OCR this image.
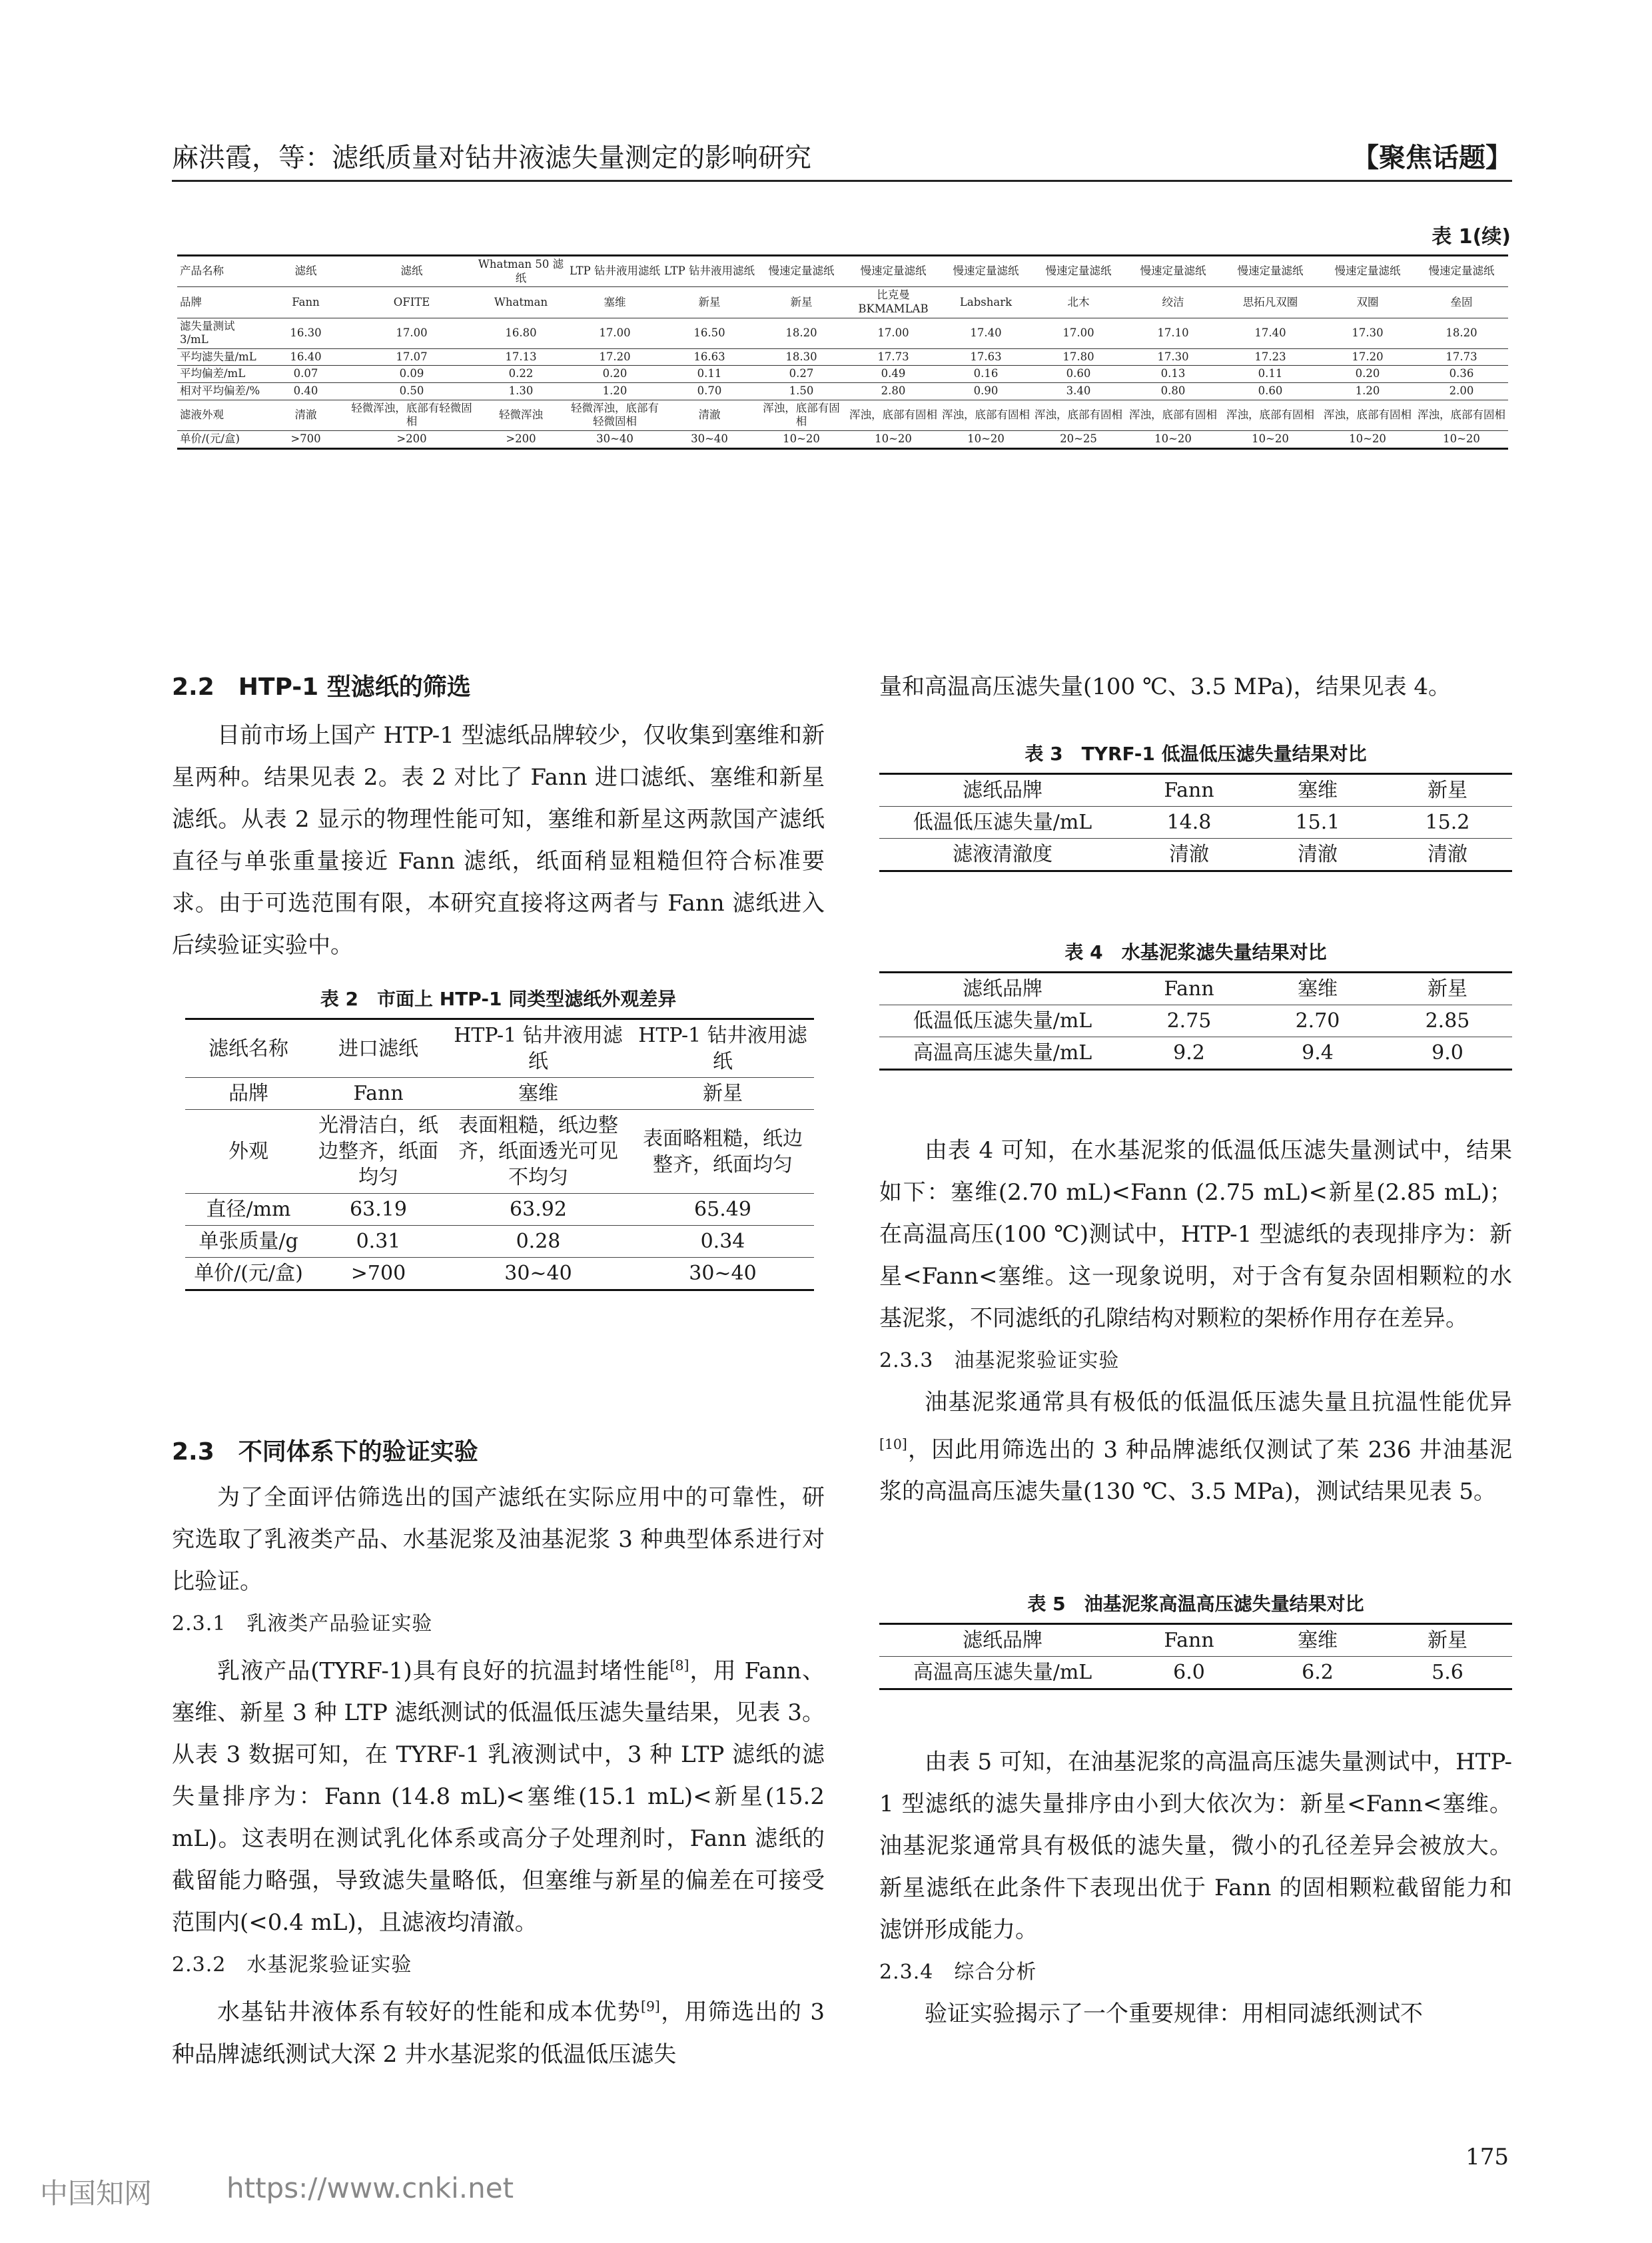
麻洪霞，等：滤纸质量对钻井液滤失量测定的影响研究	【聚焦话题】
表 1(续)
产品名称	滤纸	滤纸	Whatman 50 滤纸	LTP 钻井液用滤纸	LTP 钻井液用滤纸	慢速定量滤纸	慢速定量滤纸	慢速定量滤纸	慢速定量滤纸	慢速定量滤纸	慢速定量滤纸	慢速定量滤纸	慢速定量滤纸
品牌	Fann	OFITE	Whatman	塞维	新星	新星	比克曼 BKMAMLAB	Labshark	北木	绞洁	思拓凡双圈	双圈	垒固
滤失量测试3/mL	16.30	17.00	16.80	17.00	16.50	18.20	17.00	17.40	17.00	17.10	17.40	17.30	18.20
平均滤失量/mL	16.40	17.07	17.13	17.20	16.63	18.30	17.73	17.63	17.80	17.30	17.23	17.20	17.73
平均偏差/mL	0.07	0.09	0.22	0.20	0.11	0.27	0.49	0.16	0.60	0.13	0.11	0.20	0.36
相对平均偏差/%	0.40	0.50	1.30	1.20	0.70	1.50	2.80	0.90	3.40	0.80	0.60	1.20	2.00
滤液外观	清澈	轻微浑浊，底部有轻微固相	轻微浑浊	轻微浑浊，底部有轻微固相	清澈	浑浊，底部有固相	浑浊，底部有固相	浑浊，底部有固相	浑浊，底部有固相	浑浊，底部有固相	浑浊，底部有固相	浑浊，底部有固相	浑浊，底部有固相
单价/(元/盒)	>700	>200	>200	30~40	30~40	10~20	10~20	10~20	20~25	10~20	10~20	10~20	10~20
2.2　HTP-1 型滤纸的筛选

目前市场上国产 HTP-1 型滤纸品牌较少，仅收集到塞维和新星两种。结果见表 2。表 2 对比了 Fann 进口滤纸、塞维和新星滤纸。从表 2 显示的物理性能可知，塞维和新星这两款国产滤纸直径与单张重量接近 Fann 滤纸，纸面稍显粗糙但符合标准要求。由于可选范围有限，本研究直接将这两者与 Fann 滤纸进入后续验证实验中。

表 2　市面上 HTP-1 同类型滤纸外观差异
滤纸名称	进口滤纸	HTP-1 钻井液用滤纸	HTP-1 钻井液用滤纸
品牌	Fann	塞维	新星
外观	光滑洁白，纸边整齐，纸面均匀	表面粗糙，纸边整齐，纸面透光可见不均匀	表面略粗糙，纸边整齐，纸面均匀
直径/mm	63.19	63.92	65.49
单张质量/g	0.31	0.28	0.34
单价/(元/盒)	>700	30~40	30~40
2.3　不同体系下的验证实验

为了全面评估筛选出的国产滤纸在实际应用中的可靠性，研究选取了乳液类产品、水基泥浆及油基泥浆 3 种典型体系进行对比验证。

2.3.1　乳液类产品验证实验

乳液产品(TYRF-1)具有良好的抗温封堵性能[8]，用 Fann、塞维、新星 3 种 LTP 滤纸测试的低温低压滤失量结果，见表 3。从表 3 数据可知，在 TYRF-1 乳液测试中，3 种 LTP 滤纸的滤失量排序为：Fann (14.8 mL)<塞维(15.1 mL)<新星(15.2 mL)。这表明在测试乳化体系或高分子处理剂时，Fann 滤纸的截留能力略强，导致滤失量略低，但塞维与新星的偏差在可接受范围内(<0.4 mL)，且滤液均清澈。

2.3.2　水基泥浆验证实验

水基钻井液体系有较好的性能和成本优势[9]，用筛选出的 3 种品牌滤纸测试大深 2 井水基泥浆的低温低压滤失

量和高温高压滤失量(100 ℃、3.5 MPa)，结果见表 4。
表 3　TYRF-1 低温低压滤失量结果对比
滤纸品牌	Fann	塞维	新星
低温低压滤失量/mL	14.8	15.1	15.2
滤液清澈度	清澈	清澈	清澈
表 4　水基泥浆滤失量结果对比
滤纸品牌	Fann	塞维	新星
低温低压滤失量/mL	2.75	2.70	2.85
高温高压滤失量/mL	9.2	9.4	9.0

由表 4 可知，在水基泥浆的低温低压滤失量测试中，结果如下：塞维(2.70 mL)<Fann (2.75 mL)<新星(2.85 mL)；在高温高压(100 ℃)测试中，HTP-1 型滤纸的表现排序为：新星<Fann<塞维。这一现象说明，对于含有复杂固相颗粒的水基泥浆，不同滤纸的孔隙结构对颗粒的架桥作用存在差异。

2.3.3　油基泥浆验证实验

油基泥浆通常具有极低的低温低压滤失量且抗温性能优异[10]，因此用筛选出的 3 种品牌滤纸仅测试了茱 236 井油基泥浆的高温高压滤失量(130 ℃、3.5 MPa)，测试结果见表 5。

表 5　油基泥浆高温高压滤失量结果对比
滤纸品牌	Fann	塞维	新星
高温高压滤失量/mL	6.0	6.2	5.6

由表 5 可知，在油基泥浆的高温高压滤失量测试中，HTP-1 型滤纸的滤失量排序由小到大依次为：新星<Fann<塞维。油基泥浆通常具有极低的滤失量，微小的孔径差异会被放大。新星滤纸在此条件下表现出优于 Fann 的固相颗粒截留能力和滤饼形成能力。

2.3.4　综合分析

验证实验揭示了一个重要规律：用相同滤纸测试不

175
中国知网	https://www.cnki.net
